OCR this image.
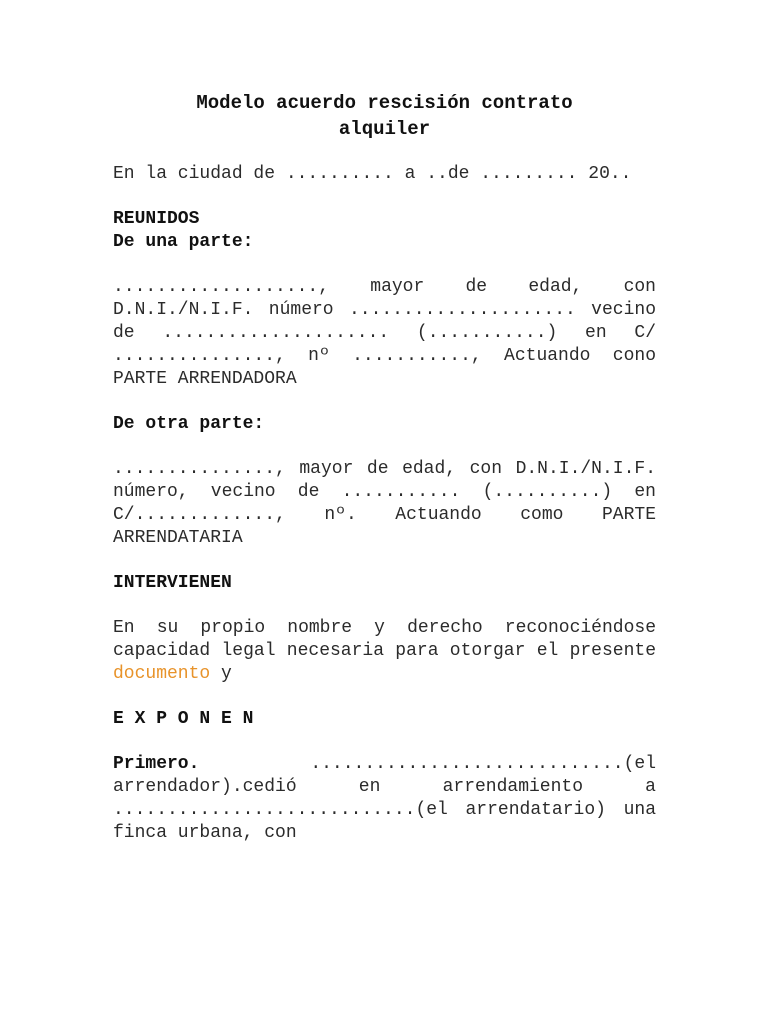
Modelo acuerdo rescisión contrato
alquiler

En la ciudad de .......... a ..de ......... 20..

REUNIDOS

De una parte:

..................., mayor de edad, con D.N.I./N.I.F. número ..................... vecino de ..................... (...........) en C/ ..............., nº ..........., Actuando cono PARTE ARRENDADORA

De otra parte:

..............., mayor de edad, con D.N.I./N.I.F. número, vecino de ........... (..........) en C/............., nº. Actuando como PARTE ARRENDATARIA

INTERVIENEN

En su propio nombre y derecho reconociéndose capacidad legal necesaria para otorgar el presente documento y

E X P O N E N

Primero. .............................(el arrendador).cedió en arrendamiento a ............................(el arrendatario) una finca urbana, con
